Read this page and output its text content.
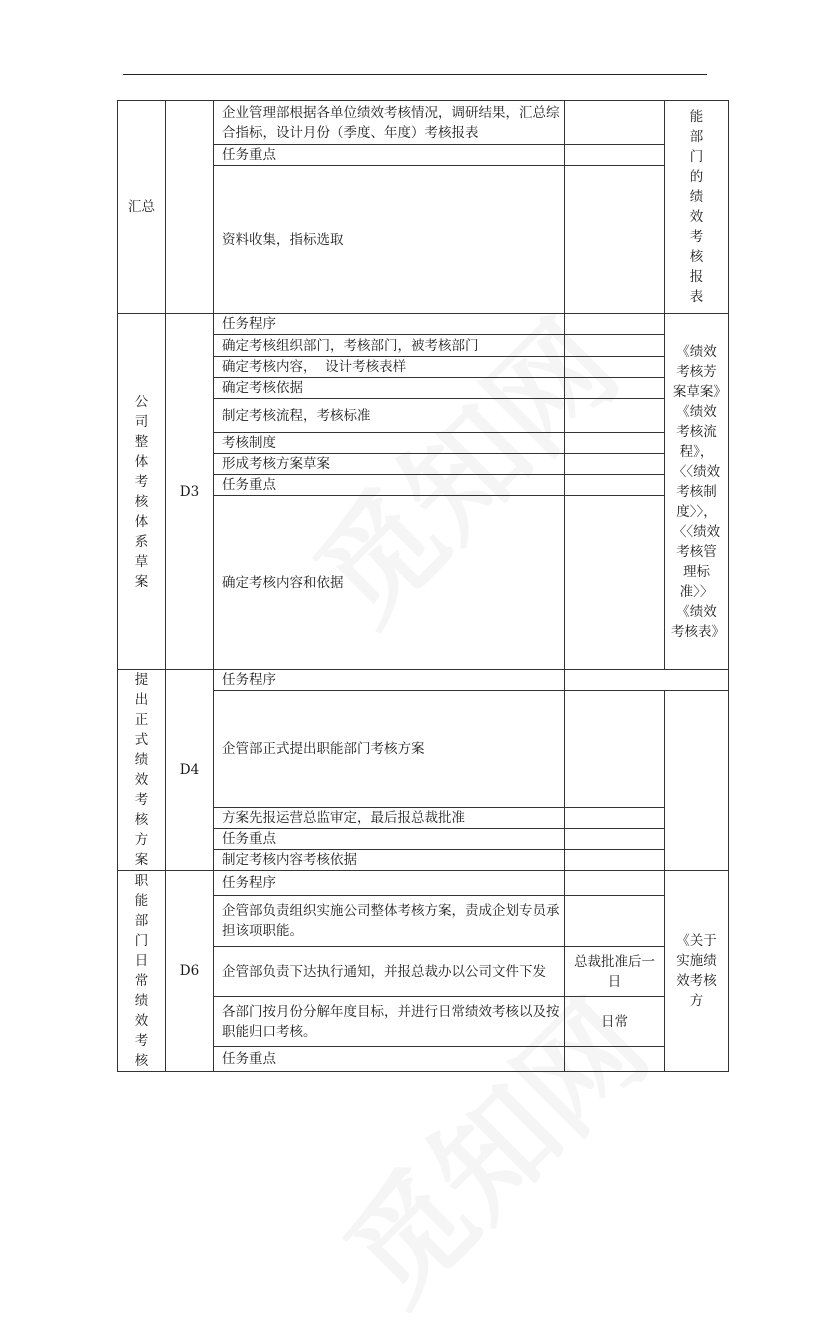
汇总		企业管理部根据各单位绩效考核情况，调研结果，汇总综合指标，设计月份（季度、年度）考核报表		能部门的绩效考核报表
		任务重点		
		资料收集，指标选取		
公司整体考核体系草案	D3	任务程序		《绩效考核芳案草案》《绩效考核流程》，〈〈绩效考核制度〉〉，〈〈绩效考核管理标准〉〉《绩效考核表》
		确定考核组织部门，考核部门，被考核部门		
		确定考核内容，  设计考核表样		
		确定考核依据		
		制定考核流程，考核标准		
		考核制度		
		形成考核方案草案		
		任务重点		
		确定考核内容和依据		
提出正式绩效考核方案	D4	任务程序		
		企管部正式提出职能部门考核方案		
		方案先报运营总监审定，最后报总裁批准		
		任务重点		
		制定考核内容考核依据		
职能部门日常绩效考核	D6	任务程序		《关于实施绩效考核方
		企管部负责组织实施公司整体考核方案，责成企划专员承担该项职能。		
		企管部负责下达执行通知，并报总裁办以公司文件下发	总裁批准后一日	
		各部门按月份分解年度目标，并进行日常绩效考核以及按职能归口考核。	日常	
		任务重点		
